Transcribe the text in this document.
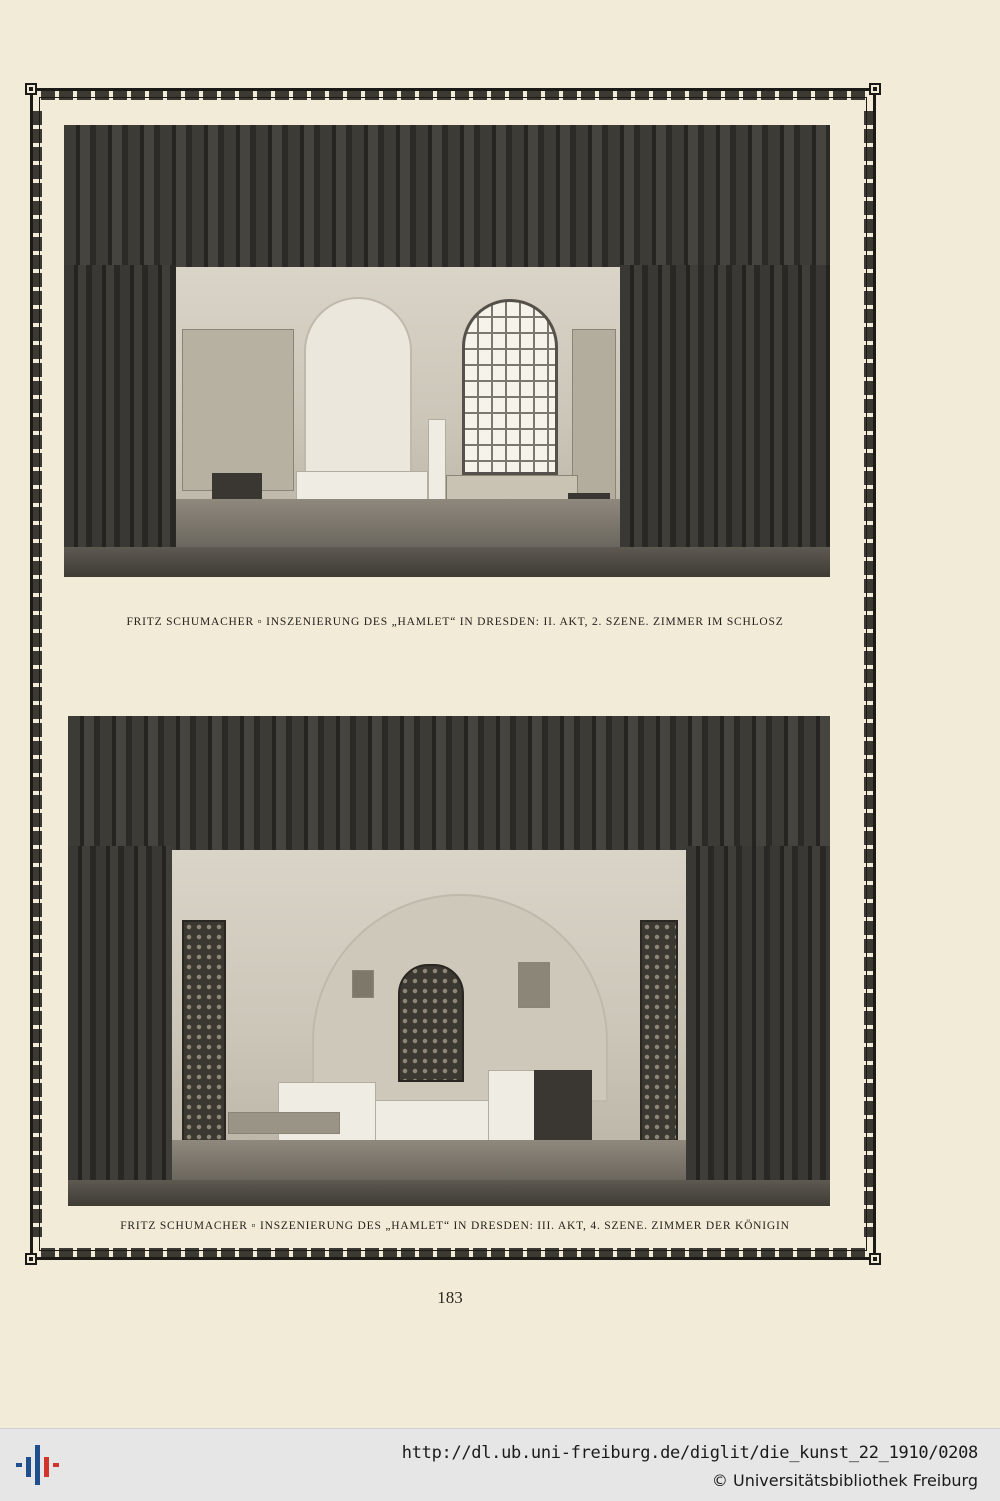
FRITZ SCHUMACHER ▫ INSZENIERUNG DES „HAMLET“ IN DRESDEN: II. AKT, 2. SZENE. ZIMMER IM SCHLOSZ
FRITZ SCHUMACHER ▫ INSZENIERUNG DES „HAMLET“ IN DRESDEN: III. AKT, 4. SZENE. ZIMMER DER KÖNIGIN
183
http://dl.ub.uni-freiburg.de/diglit/die_kunst_22_1910/0208
© Universitätsbibliothek Freiburg
